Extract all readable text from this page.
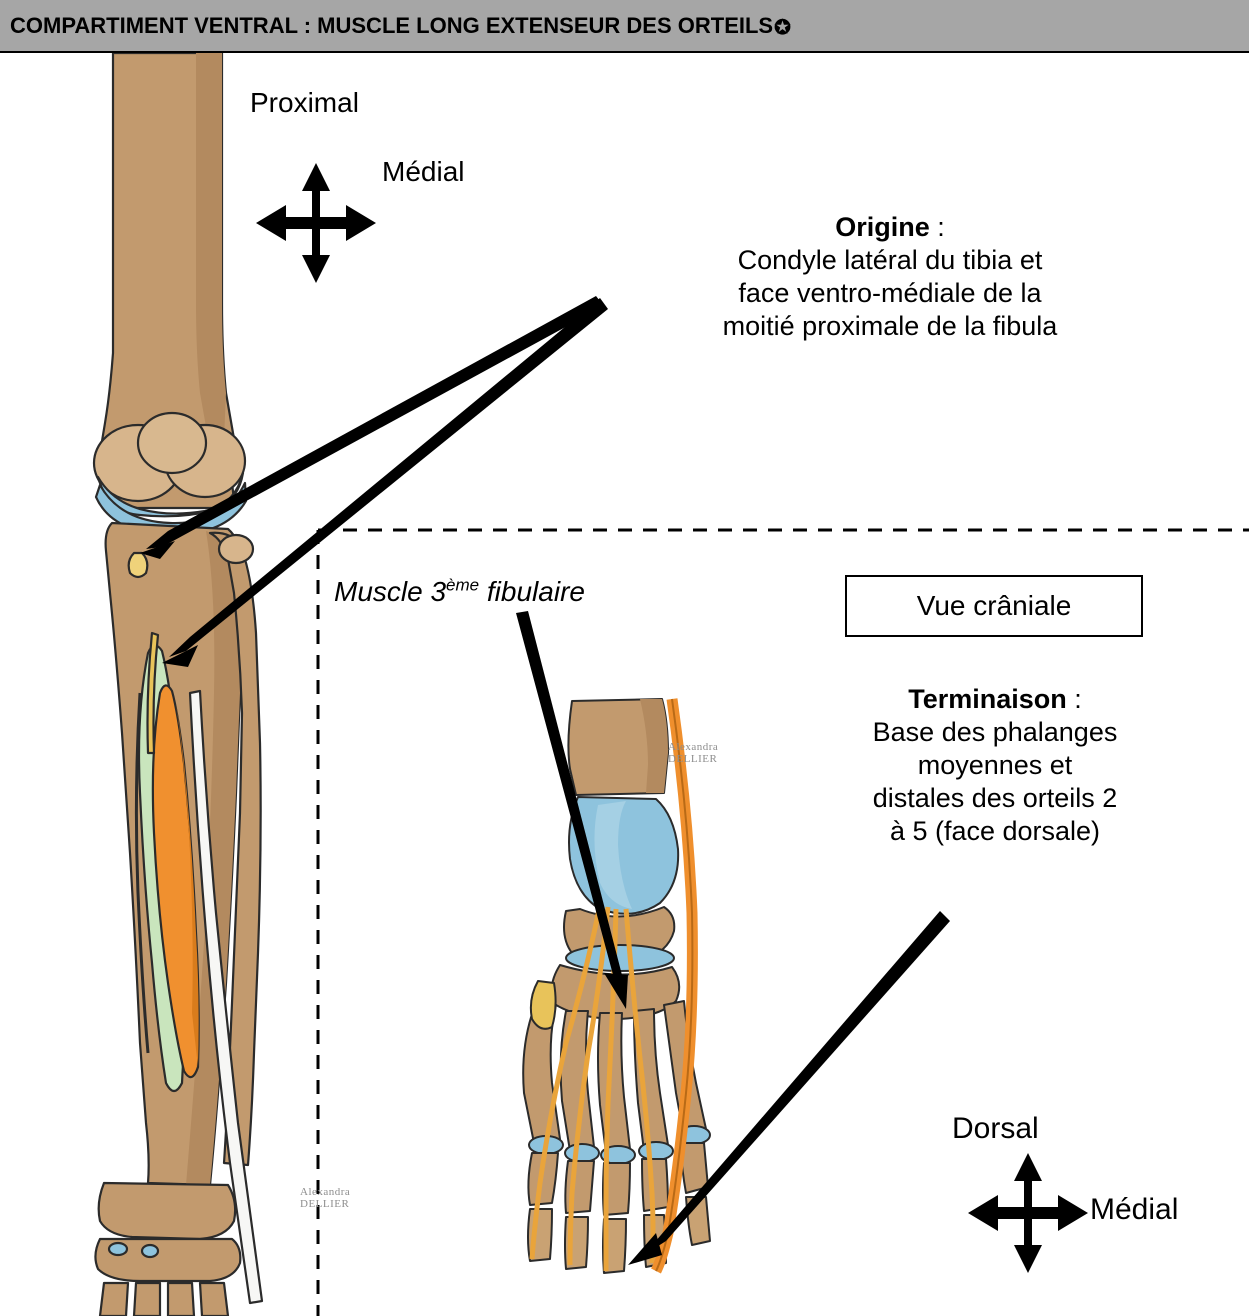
COMPARTIMENT VENTRAL : MUSCLE LONG EXTENSEUR DES ORTEILS✪
Proximal
Médial
Origine :
Condyle latéral du tibia et
face ventro-médiale de la
moitié proximale de la fibula
Muscle 3ème fibulaire	Vue crâniale
Terminaison :
Base des phalanges
moyennes et
distales des orteils 2
à 5 (face dorsale)
Dorsal
Médial
Alexandra
DELLIER
Alexandra
DELLIER
